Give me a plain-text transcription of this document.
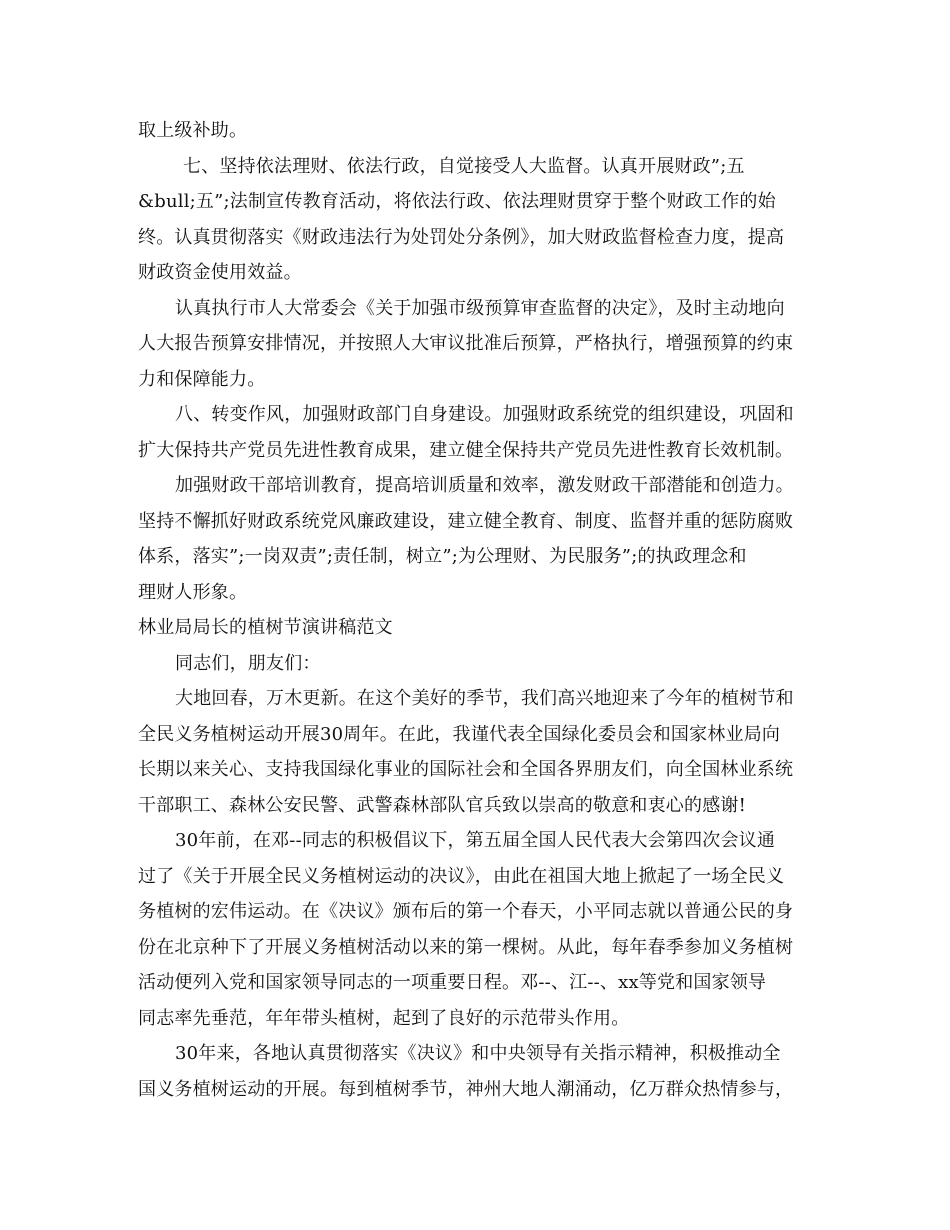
取上级补助。
七、坚持依法理财、依法行政，自觉接受人大监督。认真开展财政”;五
&bull;五”;法制宣传教育活动，将依法行政、依法理财贯穿于整个财政工作的始
终。认真贯彻落实《财政违法行为处罚处分条例》，加大财政监督检查力度，提高
财政资金使用效益。
认真执行市人大常委会《关于加强市级预算审查监督的决定》，及时主动地向
人大报告预算安排情况，并按照人大审议批准后预算，严格执行，增强预算的约束
力和保障能力。
八、转变作风，加强财政部门自身建设。加强财政系统党的组织建设，巩固和
扩大保持共产党员先进性教育成果，建立健全保持共产党员先进性教育长效机制。
加强财政干部培训教育，提高培训质量和效率，激发财政干部潜能和创造力。
坚持不懈抓好财政系统党风廉政建设，建立健全教育、制度、监督并重的惩防腐败
体系，落实”;一岗双责”;责任制，树立”;为公理财、为民服务”;的执政理念和
理财人形象。
林业局局长的植树节演讲稿范文
同志们，朋友们：
大地回春，万木更新。在这个美好的季节，我们高兴地迎来了今年的植树节和
全民义务植树运动开展30周年。在此，我谨代表全国绿化委员会和国家林业局向
长期以来关心、支持我国绿化事业的国际社会和全国各界朋友们，向全国林业系统
干部职工、森林公安民警、武警森林部队官兵致以崇高的敬意和衷心的感谢!
30年前，在邓--同志的积极倡议下，第五届全国人民代表大会第四次会议通
过了《关于开展全民义务植树运动的决议》，由此在祖国大地上掀起了一场全民义
务植树的宏伟运动。在《决议》颁布后的第一个春天，小平同志就以普通公民的身
份在北京种下了开展义务植树活动以来的第一棵树。从此，每年春季参加义务植树
活动便列入党和国家领导同志的一项重要日程。邓--、江--、xx等党和国家领导
同志率先垂范，年年带头植树，起到了良好的示范带头作用。
30年来，各地认真贯彻落实《决议》和中央领导有关指示精神，积极推动全
国义务植树运动的开展。每到植树季节，神州大地人潮涌动，亿万群众热情参与，
